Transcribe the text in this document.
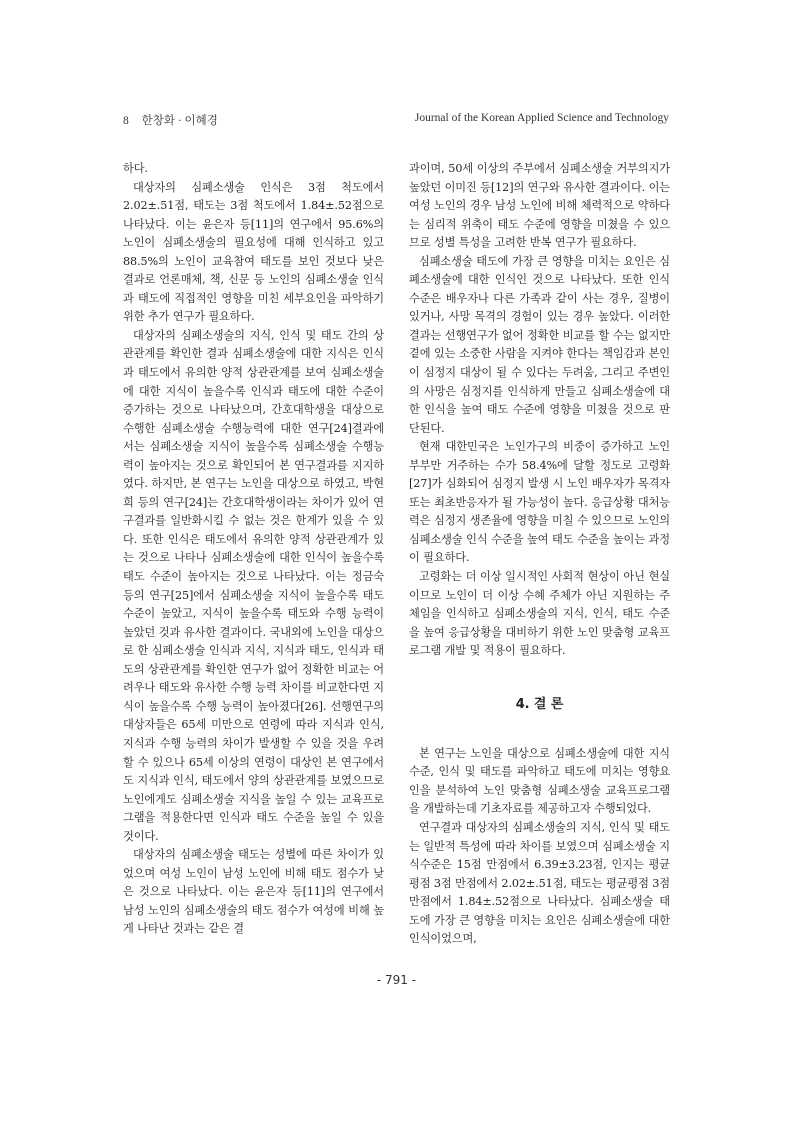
8 한창화 · 이혜경	Journal of the Korean Applied Science and Technology

하다.

대상자의 심폐소생술 인식은 3점 척도에서 2.02±.51점, 태도는 3점 척도에서 1.84±.52점으로 나타났다. 이는 윤은자 등[11]의 연구에서 95.6%의 노인이 심폐소생술의 필요성에 대해 인식하고 있고 88.5%의 노인이 교육참여 태도를 보인 것보다 낮은 결과로 언론매체, 책, 신문 등 노인의 심폐소생술 인식과 태도에 직접적인 영향을 미친 세부요인을 파악하기 위한 추가 연구가 필요하다.

대상자의 심폐소생술의 지식, 인식 및 태도 간의 상관관계를 확인한 결과 심폐소생술에 대한 지식은 인식과 태도에서 유의한 양적 상관관계를 보여 심폐소생술에 대한 지식이 높을수록 인식과 태도에 대한 수준이 증가하는 것으로 나타났으며, 간호대학생을 대상으로 수행한 심폐소생술 수행능력에 대한 연구[24]결과에서는 심폐소생술 지식이 높을수록 심폐소생술 수행능력이 높아지는 것으로 확인되어 본 연구결과를 지지하였다. 하지만, 본 연구는 노인을 대상으로 하였고, 박현희 등의 연구[24]는 간호대학생이라는 차이가 있어 연구결과를 일반화시킬 수 없는 것은 한계가 있을 수 있다. 또한 인식은 태도에서 유의한 양적 상관관계가 있는 것으로 나타나 심폐소생술에 대한 인식이 높을수록 태도 수준이 높아지는 것으로 나타났다. 이는 정금숙 등의 연구[25]에서 심폐소생술 지식이 높을수록 태도 수준이 높았고, 지식이 높을수록 태도와 수행 능력이 높았던 것과 유사한 결과이다. 국내외에 노인을 대상으로 한 심폐소생술 인식과 지식, 지식과 태도, 인식과 태도의 상관관계를 확인한 연구가 없어 정확한 비교는 어려우나 태도와 유사한 수행 능력 차이를 비교한다면 지식이 높을수록 수행 능력이 높아졌다[26]. 선행연구의 대상자들은 65세 미만으로 연령에 따라 지식과 인식, 지식과 수행 능력의 차이가 발생할 수 있을 것을 우려할 수 있으나 65세 이상의 연령이 대상인 본 연구에서도 지식과 인식, 태도에서 양의 상관관계를 보였으므로 노인에게도 심폐소생술 지식을 높일 수 있는 교육프로그램을 적용한다면 인식과 태도 수준을 높일 수 있을 것이다.

대상자의 심폐소생술 태도는 성별에 따른 차이가 있었으며 여성 노인이 남성 노인에 비해 태도 점수가 낮은 것으로 나타났다. 이는 윤은자 등[11]의 연구에서 남성 노인의 심폐소생술의 태도 점수가 여성에 비해 높게 나타난 것과는 같은 결

과이며, 50세 이상의 주부에서 심폐소생술 거부의지가 높았던 이미진 등[12]의 연구와 유사한 결과이다. 이는 여성 노인의 경우 남성 노인에 비해 체력적으로 약하다는 심리적 위축이 태도 수준에 영향을 미쳤을 수 있으므로 성별 특성을 고려한 반복 연구가 필요하다.

심폐소생술 태도에 가장 큰 영향을 미치는 요인은 심폐소생술에 대한 인식인 것으로 나타났다. 또한 인식 수준은 배우자나 다른 가족과 같이 사는 경우, 질병이 있거나, 사망 목격의 경험이 있는 경우 높았다. 이러한 결과는 선행연구가 없어 정확한 비교를 할 수는 없지만 곁에 있는 소중한 사람을 지켜야 한다는 책임감과 본인이 심정지 대상이 될 수 있다는 두려움, 그리고 주변인의 사망은 심정지를 인식하게 만들고 심폐소생술에 대한 인식을 높여 태도 수준에 영향을 미쳤을 것으로 판단된다.

현재 대한민국은 노인가구의 비중이 증가하고 노인 부부만 거주하는 수가 58.4%에 달할 정도로 고령화[27]가 심화되어 심정지 발생 시 노인 배우자가 목격자 또는 최초반응자가 될 가능성이 높다. 응급상황 대처능력은 심정지 생존율에 영향을 미칠 수 있으므로 노인의 심폐소생술 인식 수준을 높여 태도 수준을 높이는 과정이 필요하다.

고령화는 더 이상 일시적인 사회적 현상이 아닌 현실이므로 노인이 더 이상 수혜 주체가 아닌 지원하는 주체임을 인식하고 심폐소생술의 지식, 인식, 태도 수준을 높여 응급상황을 대비하기 위한 노인 맞춤형 교육프로그램 개발 및 적용이 필요하다.

4. 결 론

본 연구는 노인을 대상으로 심폐소생술에 대한 지식수준, 인식 및 태도를 파악하고 태도에 미치는 영향요인을 분석하여 노인 맞춤형 심폐소생술 교육프로그램을 개발하는데 기초자료를 제공하고자 수행되었다.

연구결과 대상자의 심폐소생술의 지식, 인식 및 태도는 일반적 특성에 따라 차이를 보였으며 심폐소생술 지식수준은 15점 만점에서 6.39±3.23점, 인지는 평균평점 3점 만점에서 2.02±.51점, 태도는 평균평점 3점 만점에서 1.84±.52점으로 나타났다. 심폐소생술 태도에 가장 큰 영향을 미치는 요인은 심폐소생술에 대한 인식이었으며,

- 791 -
